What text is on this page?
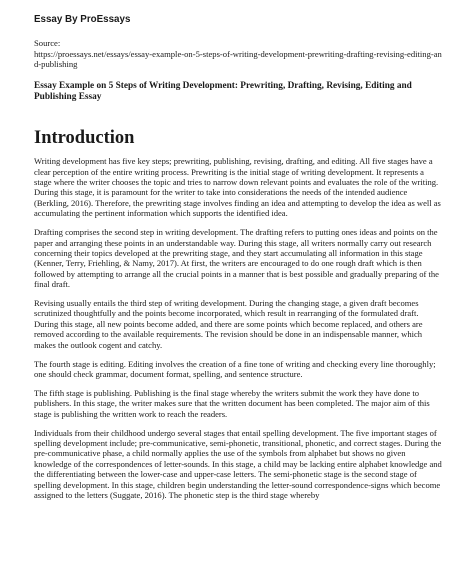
Essay By ProEssays
Source:
https://proessays.net/essays/essay-example-on-5-steps-of-writing-development-prewriting-drafting-revising-editing-and-publishing
Essay Example on 5 Steps of Writing Development: Prewriting, Drafting, Revising, Editing and Publishing Essay
Introduction

Writing development has five key steps; prewriting, publishing, revising, drafting, and editing. All five stages have a clear perception of the entire writing process. Prewriting is the initial stage of writing development. It represents a stage where the writer chooses the topic and tries to narrow down relevant points and evaluates the role of the writing. During this stage, it is paramount for the writer to take into considerations the needs of the intended audience (Berkling, 2016). Therefore, the prewriting stage involves finding an idea and attempting to develop the idea as well as accumulating the pertinent information which supports the identified idea.

Drafting comprises the second step in writing development. The drafting refers to putting ones ideas and points on the paper and arranging these points in an understandable way. During this stage, all writers normally carry out research concerning their topics developed at the prewriting stage, and they start accumulating all information in this stage (Kenner, Terry, Friehling, & Namy, 2017). At first, the writers are encouraged to do one rough draft which is then followed by attempting to arrange all the crucial points in a manner that is best possible and gradually preparing of the final draft.

Revising usually entails the third step of writing development. During the changing stage, a given draft becomes scrutinized thoughtfully and the points become incorporated, which result in rearranging of the formulated draft. During this stage, all new points become added, and there are some points which become replaced, and others are removed according to the available requirements. The revision should be done in an indispensable manner, which makes the outlook cogent and catchy.

The fourth stage is editing. Editing involves the creation of a fine tone of writing and checking every line thoroughly; one should check grammar, document format, spelling, and sentence structure.

The fifth stage is publishing. Publishing is the final stage whereby the writers submit the work they have done to publishers. In this stage, the writer makes sure that the written document has been completed. The major aim of this stage is publishing the written work to reach the readers.

Individuals from their childhood undergo several stages that entail spelling development. The five important stages of spelling development include; pre-communicative, semi-phonetic, transitional, phonetic, and correct stages. During the pre-communicative phase, a child normally applies the use of the symbols from alphabet but shows no given knowledge of the correspondences of letter-sounds. In this stage, a child may be lacking entire alphabet knowledge and the differentiating between the lower-case and upper-case letters. The semi-phonetic stage is the second stage of spelling development. In this stage, children begin understanding the letter-sound correspondence-signs which become assigned to the letters (Suggate, 2016). The phonetic step is the third stage whereby
